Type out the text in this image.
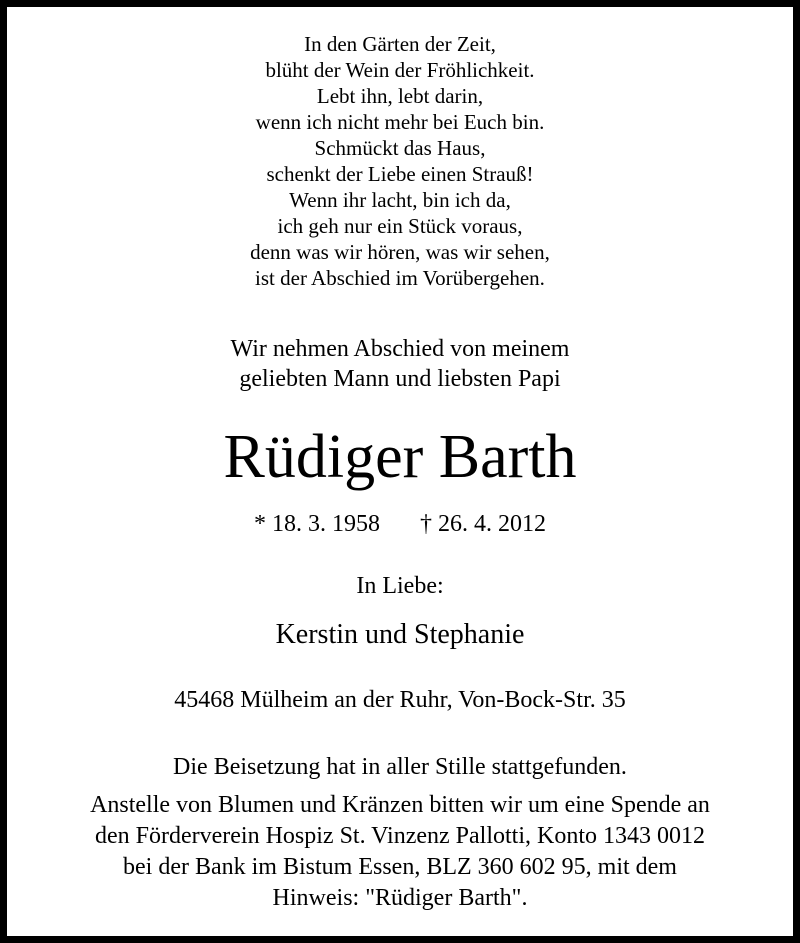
In den Gärten der Zeit,
blüht der Wein der Fröhlichkeit.
Lebt ihn, lebt darin,
wenn ich nicht mehr bei Euch bin.
Schmückt das Haus,
schenkt der Liebe einen Strauß!
Wenn ihr lacht, bin ich da,
ich geh nur ein Stück voraus,
denn was wir hören, was wir sehen,
ist der Abschied im Vorübergehen.
Wir nehmen Abschied von meinem
geliebten Mann und liebsten Papi
Rüdiger Barth
* 18. 3. 1958 † 26. 4. 2012
In Liebe:
Kerstin und Stephanie
45468 Mülheim an der Ruhr, Von-Bock-Str. 35
Die Beisetzung hat in aller Stille stattgefunden.
Anstelle von Blumen und Kränzen bitten wir um eine Spende an
den Förderverein Hospiz St. Vinzenz Pallotti, Konto 1343 0012
bei der Bank im Bistum Essen, BLZ 360 602 95, mit dem
Hinweis: "Rüdiger Barth".
